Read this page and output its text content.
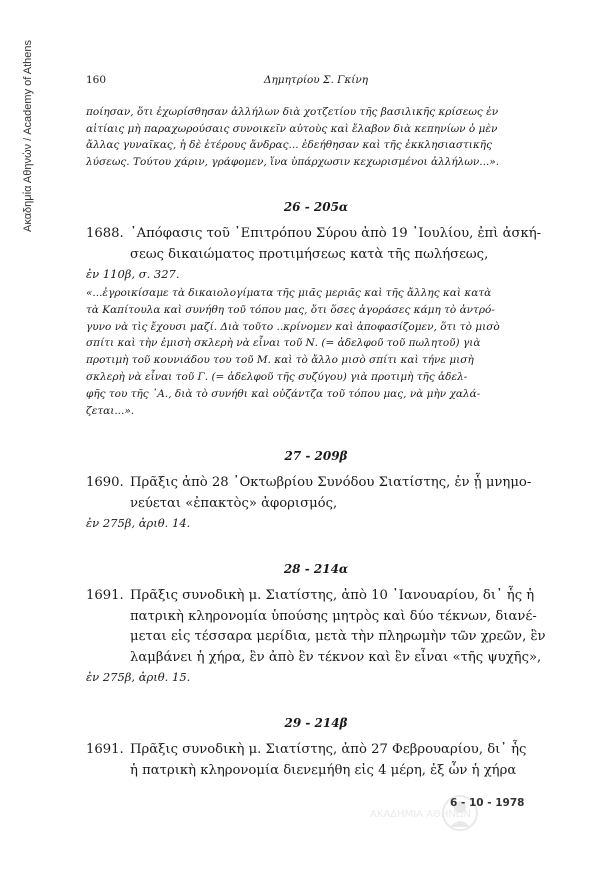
Ακαδημία Αθηνών / Academy of Athens	160	Δημητρίου Σ. Γκίνη
ποίησαν, ὅτι ἐχωρίσθησαν ἀλλήλων διὰ χοτζετίου τῆς βασιλικῆς κρίσεως ἐν
αἰτίαις μὴ παραχωρούσαις συνοικεῖν αὐτοὺς καὶ ἔλαβον διὰ κεπηνίων ὁ μὲν
ἄλλας γυναῖκας, ἡ δὲ ἑτέρους ἄνδρας... ἐδεήθησαν καὶ τῆς ἐκκλησιαστικῆς
λύσεως. Τούτου χάριν, γράφομεν, ἵνα ὑπάρχωσιν κεχωρισμένοι ἀλλήλων...».
26 - 205α
1688. ᾿Απόφασις τοῦ ᾿Επιτρόπου Σύρου ἀπὸ 19 ᾿Ιουλίου, ἐπὶ ἀσκή-
σεως δικαιώματος προτιμήσεως κατὰ τῆς πωλήσεως,
ἐν 110β, σ. 327.
«...ἐγροικίσαμε τὰ δικαιολογίματα τῆς μιᾶς μεριᾶς καὶ τῆς ἄλλης καὶ κατὰ
τὰ Καπίτουλα καὶ συνήθη τοῦ τόπου μας, ὅτι ὅσες ἀγοράσες κάμη τὸ ἀντρό-
γυνο νὰ τὶς ἔχουσι μαζί. Διὰ τοῦτο ..κρίνομεν καὶ ἀποφασίζομεν, ὅτι τὸ μισὸ
σπίτι καὶ τὴν ἐμισὴ σκλερὴ νὰ εἶναι τοῦ Ν. (= ἀδελφοῦ τοῦ πωλητοῦ) γιὰ
προτιμὴ τοῦ κουνιάδου του τοῦ Μ. καὶ τὸ ἄλλο μισὸ σπίτι καὶ τήνε μισὴ
σκλερὴ νὰ εἶναι τοῦ Γ. (= ἀδελφοῦ τῆς συζύγου) γιὰ προτιμὴ τῆς ἀδελ-
φῆς του τῆς ᾿Α., διὰ τὸ συνήθι καὶ οὐζάντζα τοῦ τόπου μας, νὰ μὴν χαλά-
ζεται...».
27 - 209β
1690. Πρᾶξις ἀπὸ 28 ᾿Οκτωβρίου Συνόδου Σιατίστης, ἐν ᾗ μνημο-
νεύεται «ἐπακτὸς» ἀφορισμός,
ἐν 275β, ἀριθ. 14.
28 - 214α
1691. Πρᾶξις συνοδικὴ μ. Σιατίστης, ἀπὸ 10 ᾿Ιανουαρίου, δι᾿ ἧς ἡ
πατρικὴ κληρονομία ὑπούσης μητρὸς καὶ δύο τέκνων, διανέ-
μεται εἰς τέσσαρα μερίδια, μετὰ τὴν πληρωμὴν τῶν χρεῶν, ἓν
λαμβάνει ἡ χήρα, ἓν ἀπὸ ἓν τέκνον καὶ ἓν εἶναι «τῆς ψυχῆς»,
ἐν 275β, ἀριθ. 15.
29 - 214β
1691. Πρᾶξις συνοδικὴ μ. Σιατίστης, ἀπὸ 27 Φεβρουαρίου, δι᾿ ἧς
ἡ πατρικὴ κληρονομία διενεμήθη εἰς 4 μέρη, ἐξ ὧν ἡ χήρα
ΑΚΑΔΗΜΙΑ ΑΘΗΝΩΝ
6 - 10 - 1978
